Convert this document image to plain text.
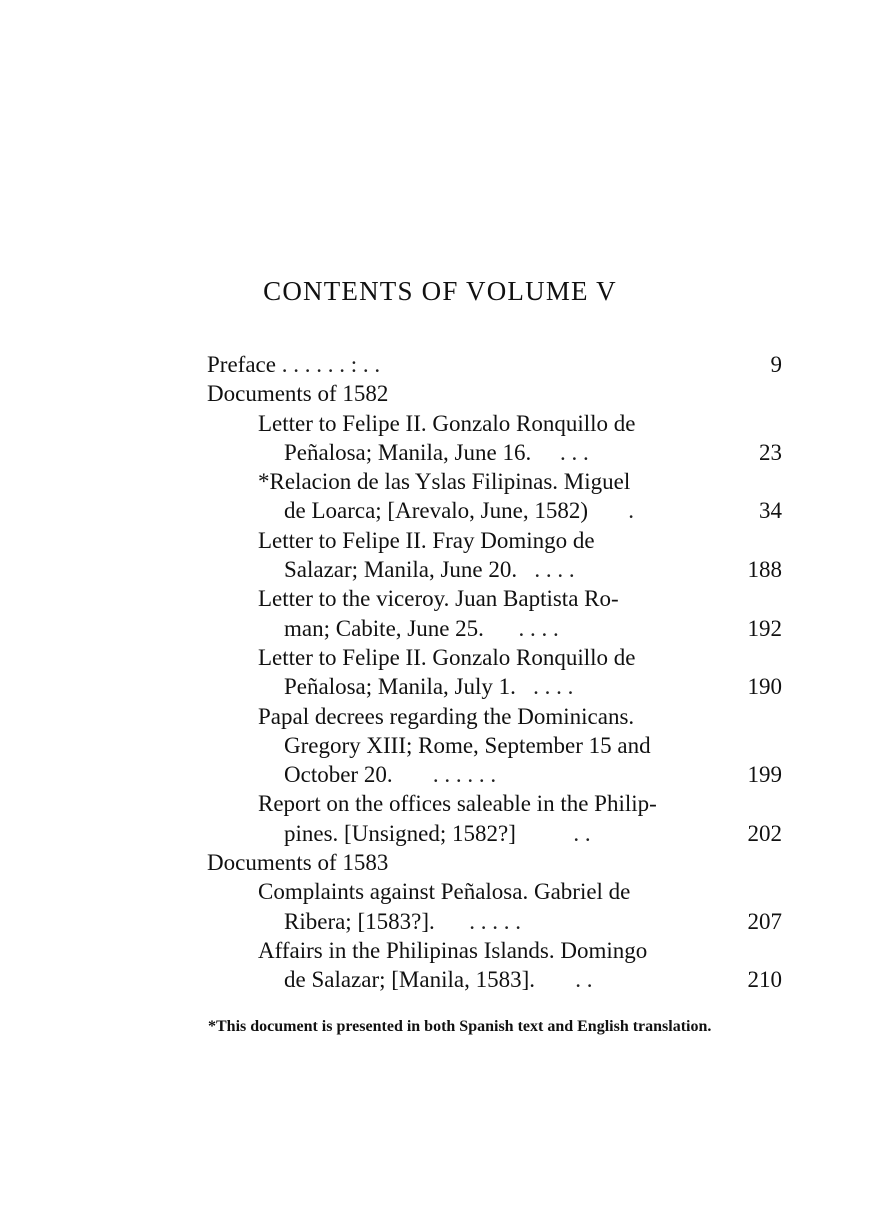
CONTENTS OF VOLUME V
Preface . . . . . . : . .	9
Documents of 1582
Letter to Felipe II. Gonzalo Ronquillo de
Peñalosa; Manila, June 16. . . .	23
*Relacion de las Yslas Filipinas. Miguel
de Loarca; [Arevalo, June, 1582) .	34
Letter to Felipe II. Fray Domingo de
Salazar; Manila, June 20. . . . .	188
Letter to the viceroy. Juan Baptista Ro-
man; Cabite, June 25. . . . .	192
Letter to Felipe II. Gonzalo Ronquillo de
Peñalosa; Manila, July 1. . . . .	190
Papal decrees regarding the Dominicans.
Gregory XIII; Rome, September 15 and
October 20. . . . . . .	199
Report on the offices saleable in the Philip-
pines. [Unsigned; 1582?]	. .	202
Documents of 1583
Complaints against Peñalosa. Gabriel de
Ribera; [1583?]. . . . . .	207
Affairs in the Philipinas Islands. Domingo
de Salazar; [Manila, 1583]. . .	210
*This document is presented in both Spanish text and English translation.
